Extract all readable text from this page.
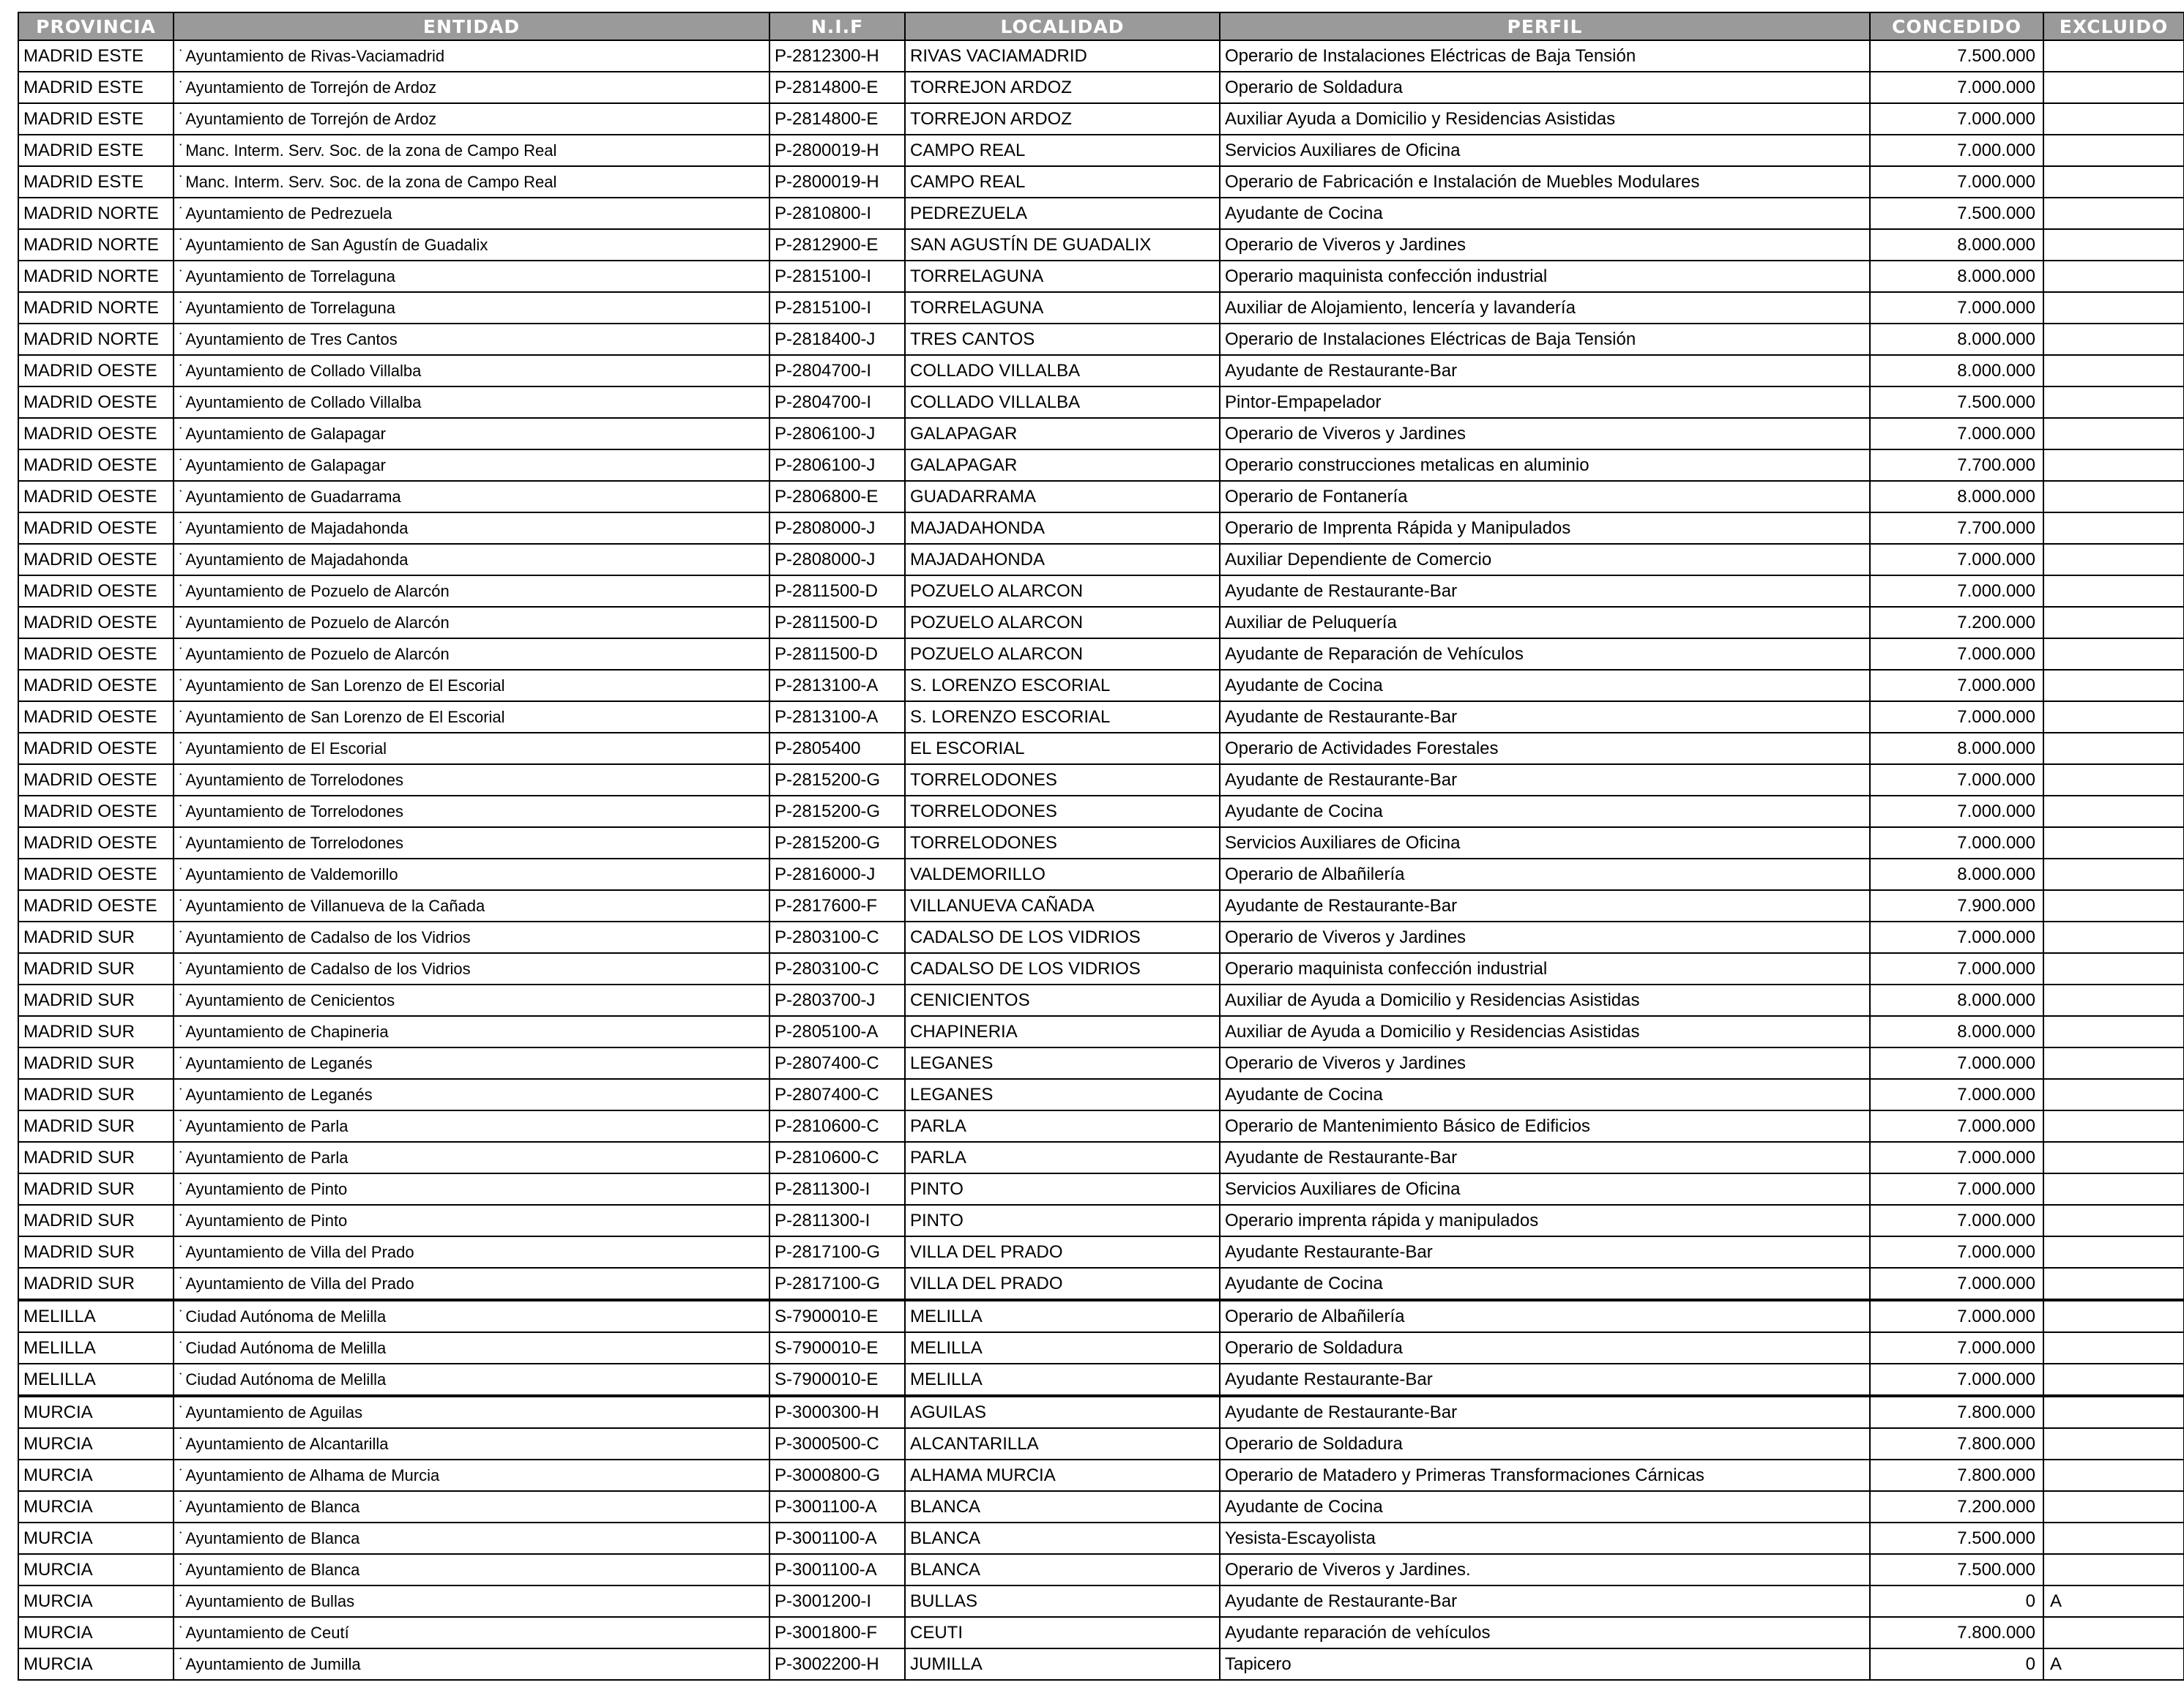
PROVINCIA	ENTIDAD	N.I.F	LOCALIDAD	PERFIL	CONCEDIDO	EXCLUIDO
MADRID ESTE	˙Ayuntamiento de Rivas-Vaciamadrid	P-2812300-H	RIVAS VACIAMADRID	Operario de Instalaciones Eléctricas de Baja Tensión	7.500.000	
MADRID ESTE	˙Ayuntamiento de Torrejón de Ardoz	P-2814800-E	TORREJON ARDOZ	Operario de Soldadura	7.000.000	
MADRID ESTE	˙Ayuntamiento de Torrejón de Ardoz	P-2814800-E	TORREJON ARDOZ	Auxiliar Ayuda a Domicilio y Residencias Asistidas	7.000.000	
MADRID ESTE	˙Manc. Interm. Serv. Soc. de la zona de Campo Real	P-2800019-H	CAMPO REAL	Servicios Auxiliares de Oficina	7.000.000	
MADRID ESTE	˙Manc. Interm. Serv. Soc. de la zona de Campo Real	P-2800019-H	CAMPO REAL	Operario de Fabricación e Instalación de Muebles Modulares	7.000.000	
MADRID NORTE	˙Ayuntamiento de Pedrezuela	P-2810800-I	PEDREZUELA	Ayudante de Cocina	7.500.000	
MADRID NORTE	˙Ayuntamiento de San Agustín de Guadalix	P-2812900-E	SAN AGUSTÍN DE GUADALIX	Operario de Viveros y Jardines	8.000.000	
MADRID NORTE	˙Ayuntamiento de Torrelaguna	P-2815100-I	TORRELAGUNA	Operario maquinista confección industrial	8.000.000	
MADRID NORTE	˙Ayuntamiento de Torrelaguna	P-2815100-I	TORRELAGUNA	Auxiliar de Alojamiento, lencería y lavandería	7.000.000	
MADRID NORTE	˙Ayuntamiento de Tres Cantos	P-2818400-J	TRES CANTOS	Operario de Instalaciones Eléctricas de Baja Tensión	8.000.000	
MADRID OESTE	˙Ayuntamiento de Collado Villalba	P-2804700-I	COLLADO VILLALBA	Ayudante de Restaurante-Bar	8.000.000	
MADRID OESTE	˙Ayuntamiento de Collado Villalba	P-2804700-I	COLLADO VILLALBA	Pintor-Empapelador	7.500.000	
MADRID OESTE	˙Ayuntamiento de Galapagar	P-2806100-J	GALAPAGAR	Operario de Viveros y Jardines	7.000.000	
MADRID OESTE	˙Ayuntamiento de Galapagar	P-2806100-J	GALAPAGAR	Operario construcciones metalicas en aluminio	7.700.000	
MADRID OESTE	˙Ayuntamiento de Guadarrama	P-2806800-E	GUADARRAMA	Operario de Fontanería	8.000.000	
MADRID OESTE	˙Ayuntamiento de Majadahonda	P-2808000-J	MAJADAHONDA	Operario de Imprenta Rápida y Manipulados	7.700.000	
MADRID OESTE	˙Ayuntamiento de Majadahonda	P-2808000-J	MAJADAHONDA	Auxiliar Dependiente de Comercio	7.000.000	
MADRID OESTE	˙Ayuntamiento de Pozuelo de Alarcón	P-2811500-D	POZUELO ALARCON	Ayudante de Restaurante-Bar	7.000.000	
MADRID OESTE	˙Ayuntamiento de Pozuelo de Alarcón	P-2811500-D	POZUELO ALARCON	Auxiliar de Peluquería	7.200.000	
MADRID OESTE	˙Ayuntamiento de Pozuelo de Alarcón	P-2811500-D	POZUELO ALARCON	Ayudante de Reparación de Vehículos	7.000.000	
MADRID OESTE	˙Ayuntamiento de San Lorenzo de El Escorial	P-2813100-A	S. LORENZO ESCORIAL	Ayudante de Cocina	7.000.000	
MADRID OESTE	˙Ayuntamiento de San Lorenzo de El Escorial	P-2813100-A	S. LORENZO ESCORIAL	Ayudante de Restaurante-Bar	7.000.000	
MADRID OESTE	˙Ayuntamiento de El Escorial	P-2805400	EL ESCORIAL	Operario de Actividades Forestales	8.000.000	
MADRID OESTE	˙Ayuntamiento de Torrelodones	P-2815200-G	TORRELODONES	Ayudante de Restaurante-Bar	7.000.000	
MADRID OESTE	˙Ayuntamiento de Torrelodones	P-2815200-G	TORRELODONES	Ayudante de Cocina	7.000.000	
MADRID OESTE	˙Ayuntamiento de Torrelodones	P-2815200-G	TORRELODONES	Servicios Auxiliares de Oficina	7.000.000	
MADRID OESTE	˙Ayuntamiento de Valdemorillo	P-2816000-J	VALDEMORILLO	Operario de Albañilería	8.000.000	
MADRID OESTE	˙Ayuntamiento de Villanueva de la Cañada	P-2817600-F	VILLANUEVA CAÑADA	Ayudante de Restaurante-Bar	7.900.000	
MADRID SUR	˙Ayuntamiento de Cadalso de los Vidrios	P-2803100-C	CADALSO DE LOS VIDRIOS	Operario de Viveros y Jardines	7.000.000	
MADRID SUR	˙Ayuntamiento de Cadalso de los Vidrios	P-2803100-C	CADALSO DE LOS VIDRIOS	Operario maquinista confección industrial	7.000.000	
MADRID SUR	˙Ayuntamiento de Cenicientos	P-2803700-J	CENICIENTOS	Auxiliar de Ayuda a Domicilio y Residencias Asistidas	8.000.000	
MADRID SUR	˙Ayuntamiento de Chapineria	P-2805100-A	CHAPINERIA	Auxiliar de Ayuda a Domicilio y Residencias Asistidas	8.000.000	
MADRID SUR	˙Ayuntamiento de Leganés	P-2807400-C	LEGANES	Operario de Viveros y Jardines	7.000.000	
MADRID SUR	˙Ayuntamiento de Leganés	P-2807400-C	LEGANES	Ayudante de Cocina	7.000.000	
MADRID SUR	˙Ayuntamiento de Parla	P-2810600-C	PARLA	Operario de Mantenimiento Básico de Edificios	7.000.000	
MADRID SUR	˙Ayuntamiento de Parla	P-2810600-C	PARLA	Ayudante de Restaurante-Bar	7.000.000	
MADRID SUR	˙Ayuntamiento de Pinto	P-2811300-I	PINTO	Servicios Auxiliares de Oficina	7.000.000	
MADRID SUR	˙Ayuntamiento de Pinto	P-2811300-I	PINTO	Operario imprenta rápida y manipulados	7.000.000	
MADRID SUR	˙Ayuntamiento de Villa del Prado	P-2817100-G	VILLA DEL PRADO	Ayudante Restaurante-Bar	7.000.000	
MADRID SUR	˙Ayuntamiento de Villa del Prado	P-2817100-G	VILLA DEL PRADO	Ayudante de Cocina	7.000.000	
MELILLA	˙Ciudad Autónoma de Melilla	S-7900010-E	MELILLA	Operario de Albañilería	7.000.000	
MELILLA	˙Ciudad Autónoma de Melilla	S-7900010-E	MELILLA	Operario de Soldadura	7.000.000	
MELILLA	˙Ciudad Autónoma de Melilla	S-7900010-E	MELILLA	Ayudante Restaurante-Bar	7.000.000	
MURCIA	˙Ayuntamiento de Aguilas	P-3000300-H	AGUILAS	Ayudante de Restaurante-Bar	7.800.000	
MURCIA	˙Ayuntamiento de Alcantarilla	P-3000500-C	ALCANTARILLA	Operario de Soldadura	7.800.000	
MURCIA	˙Ayuntamiento de Alhama de Murcia	P-3000800-G	ALHAMA MURCIA	Operario de Matadero y Primeras Transformaciones Cárnicas	7.800.000	
MURCIA	˙Ayuntamiento de Blanca	P-3001100-A	BLANCA	Ayudante de Cocina	7.200.000	
MURCIA	˙Ayuntamiento de Blanca	P-3001100-A	BLANCA	Yesista-Escayolista	7.500.000	
MURCIA	˙Ayuntamiento de Blanca	P-3001100-A	BLANCA	Operario de Viveros y Jardines.	7.500.000	
MURCIA	˙Ayuntamiento de Bullas	P-3001200-I	BULLAS	Ayudante de Restaurante-Bar	0	A
MURCIA	˙Ayuntamiento de Ceutí	P-3001800-F	CEUTI	Ayudante reparación de vehículos	7.800.000	
MURCIA	˙Ayuntamiento de Jumilla	P-3002200-H	JUMILLA	Tapicero	0	A
